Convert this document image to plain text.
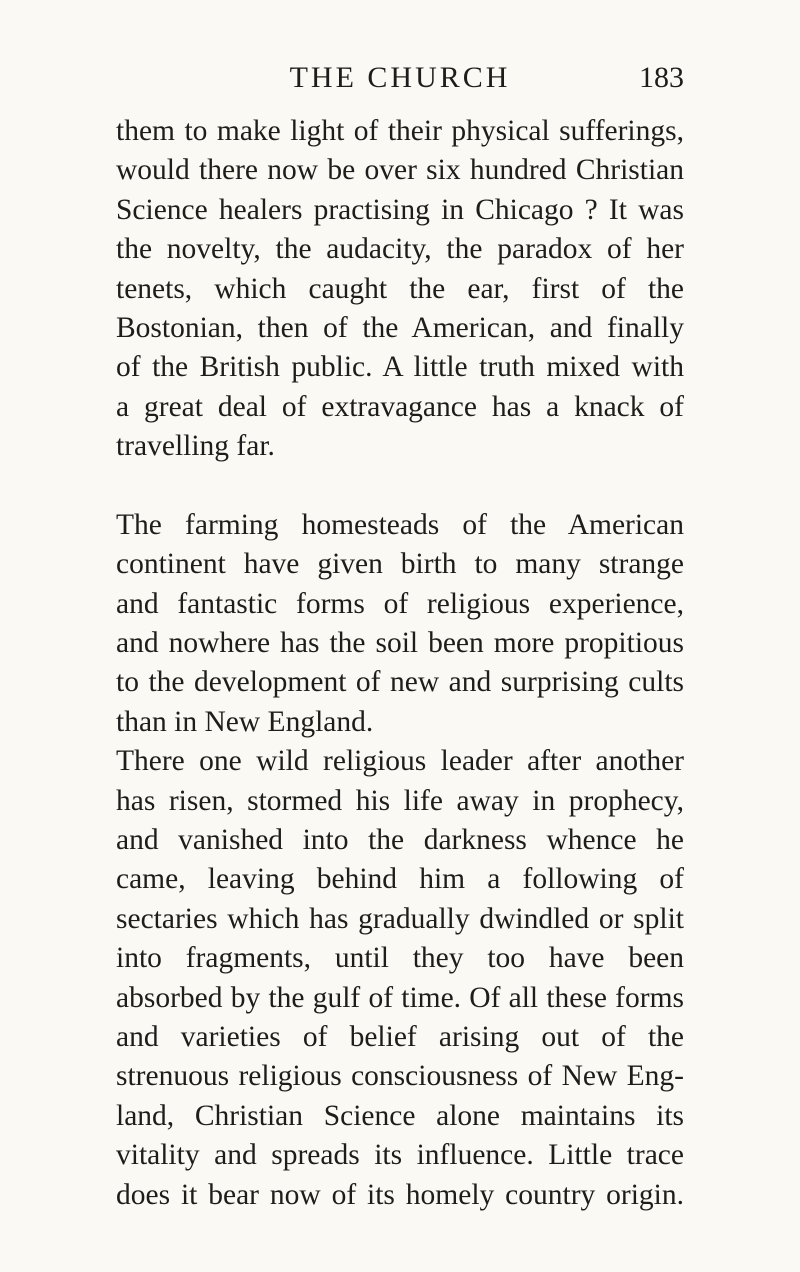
THE CHURCH	183
them to make light of their physical sufferings,
would there now be over six hundred Christian
Science healers practising in Chicago ? It was
the novelty, the audacity, the paradox of her
tenets, which caught the ear, first of the
Bostonian, then of the American, and finally
of the British public. A little truth mixed with
a great deal of extravagance has a knack of
travelling far.
The farming homesteads of the American
continent have given birth to many strange
and fantastic forms of religious experience,
and nowhere has the soil been more propitious
to the development of new and surprising cults
than in New England.
There one wild religious leader after another
has risen, stormed his life away in prophecy,
and vanished into the darkness whence he
came, leaving behind him a following of
sectaries which has gradually dwindled or split
into fragments, until they too have been
absorbed by the gulf of time. Of all these forms
and varieties of belief arising out of the
strenuous religious consciousness of New Eng-
land, Christian Science alone maintains its
vitality and spreads its influence. Little trace
does it bear now of its homely country origin.
